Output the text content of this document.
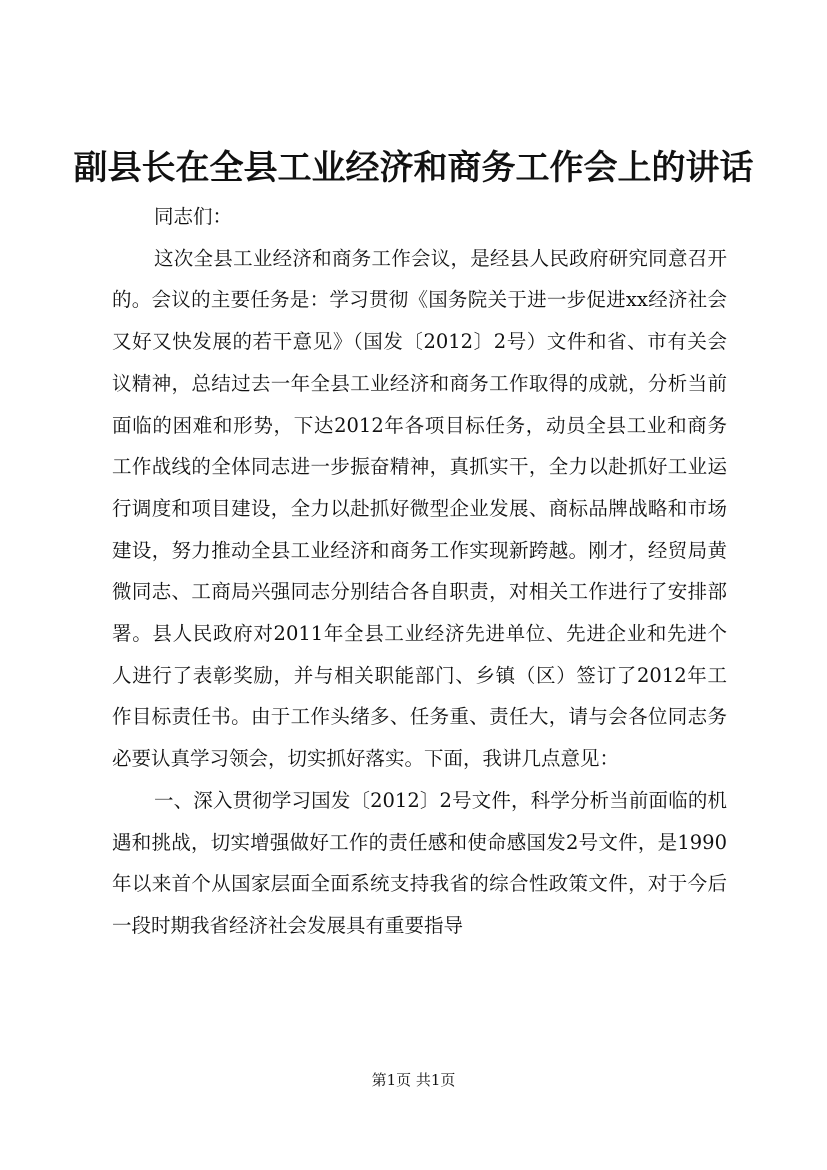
副县长在全县工业经济和商务工作会上的讲话

同志们：

这次全县工业经济和商务工作会议，是经县人民政府研究同意召开的。会议的主要任务是：学习贯彻《国务院关于进一步促进xx经济社会又好又快发展的若干意见》（国发〔2012〕2号）文件和省、市有关会议精神，总结过去一年全县工业经济和商务工作取得的成就，分析当前面临的困难和形势，下达2012年各项目标任务，动员全县工业和商务工作战线的全体同志进一步振奋精神，真抓实干，全力以赴抓好工业运行调度和项目建设，全力以赴抓好微型企业发展、商标品牌战略和市场建设，努力推动全县工业经济和商务工作实现新跨越。刚才，经贸局黄微同志、工商局兴强同志分别结合各自职责，对相关工作进行了安排部署。县人民政府对2011年全县工业经济先进单位、先进企业和先进个人进行了表彰奖励，并与相关职能部门、乡镇（区）签订了2012年工作目标责任书。由于工作头绪多、任务重、责任大，请与会各位同志务必要认真学习领会，切实抓好落实。下面，我讲几点意见：

一、深入贯彻学习国发〔2012〕2号文件，科学分析当前面临的机遇和挑战，切实增强做好工作的责任感和使命感国发2号文件，是1990年以来首个从国家层面全面系统支持我省的综合性政策文件，对于今后一段时期我省经济社会发展具有重要指导

第1页 共1页
